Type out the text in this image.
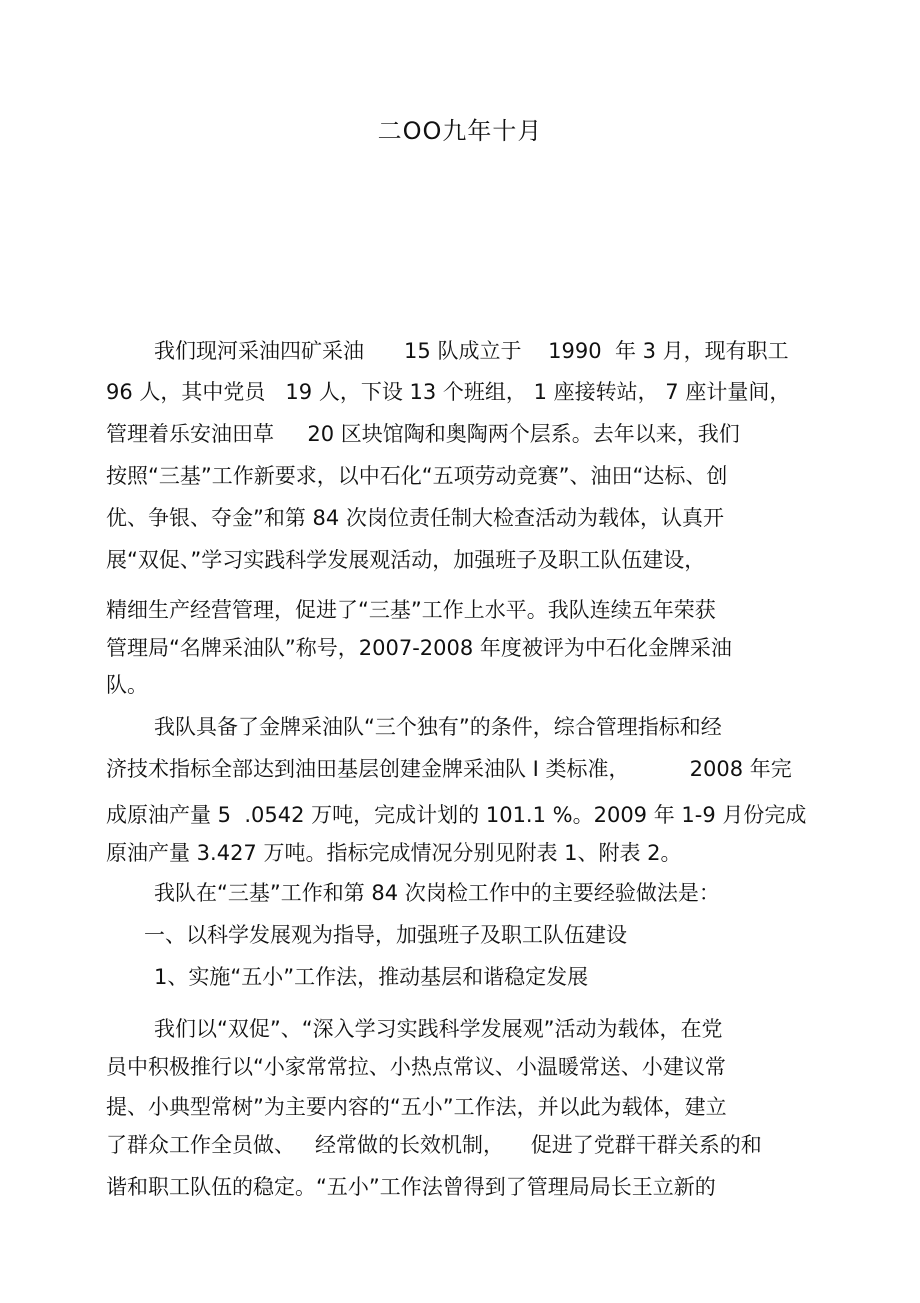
二OO九年十月

我们现河采油四矿采油      15 队成立于    1990  年 3 月，现有职工

96 人，其中党员   19 人，下设 13 个班组， 1 座接转站， 7 座计量间，

管理着乐安油田草     20 区块馆陶和奥陶两个层系。去年以来，我们

按照“三基”工作新要求，以中石化“五项劳动竞赛”、油田“达标、创

优、争银、夺金”和第 84 次岗位责任制大检查活动为载体，认真开

展“双促、”学习实践科学发展观活动，加强班子及职工队伍建设，

精细生产经营管理，促进了“三基”工作上水平。我队连续五年荣获

管理局“名牌采油队”称号，2007-2008 年度被评为中石化金牌采油

队。

我队具备了金牌采油队“三个独有”的条件，综合管理指标和经

济技术指标全部达到油田基层创建金牌采油队 I 类标准，         2008 年完

成原油产量 5  .0542 万吨，完成计划的 101.1 %。2009 年 1-9 月份完成

原油产量 3.427 万吨。指标完成情况分别见附表 1、附表 2。

我队在“三基”工作和第 84 次岗检工作中的主要经验做法是：

一、以科学发展观为指导，加强班子及职工队伍建设

1、实施“五小”工作法，推动基层和谐稳定发展

我们以“双促”、“深入学习实践科学发展观”活动为载体，在党

员中积极推行以“小家常常拉、小热点常议、小温暖常送、小建议常

提、小典型常树”为主要内容的“五小”工作法，并以此为载体，建立

了群众工作全员做、   经常做的长效机制，    促进了党群干群关系的和

谐和职工队伍的稳定。“五小”工作法曾得到了管理局局长王立新的
